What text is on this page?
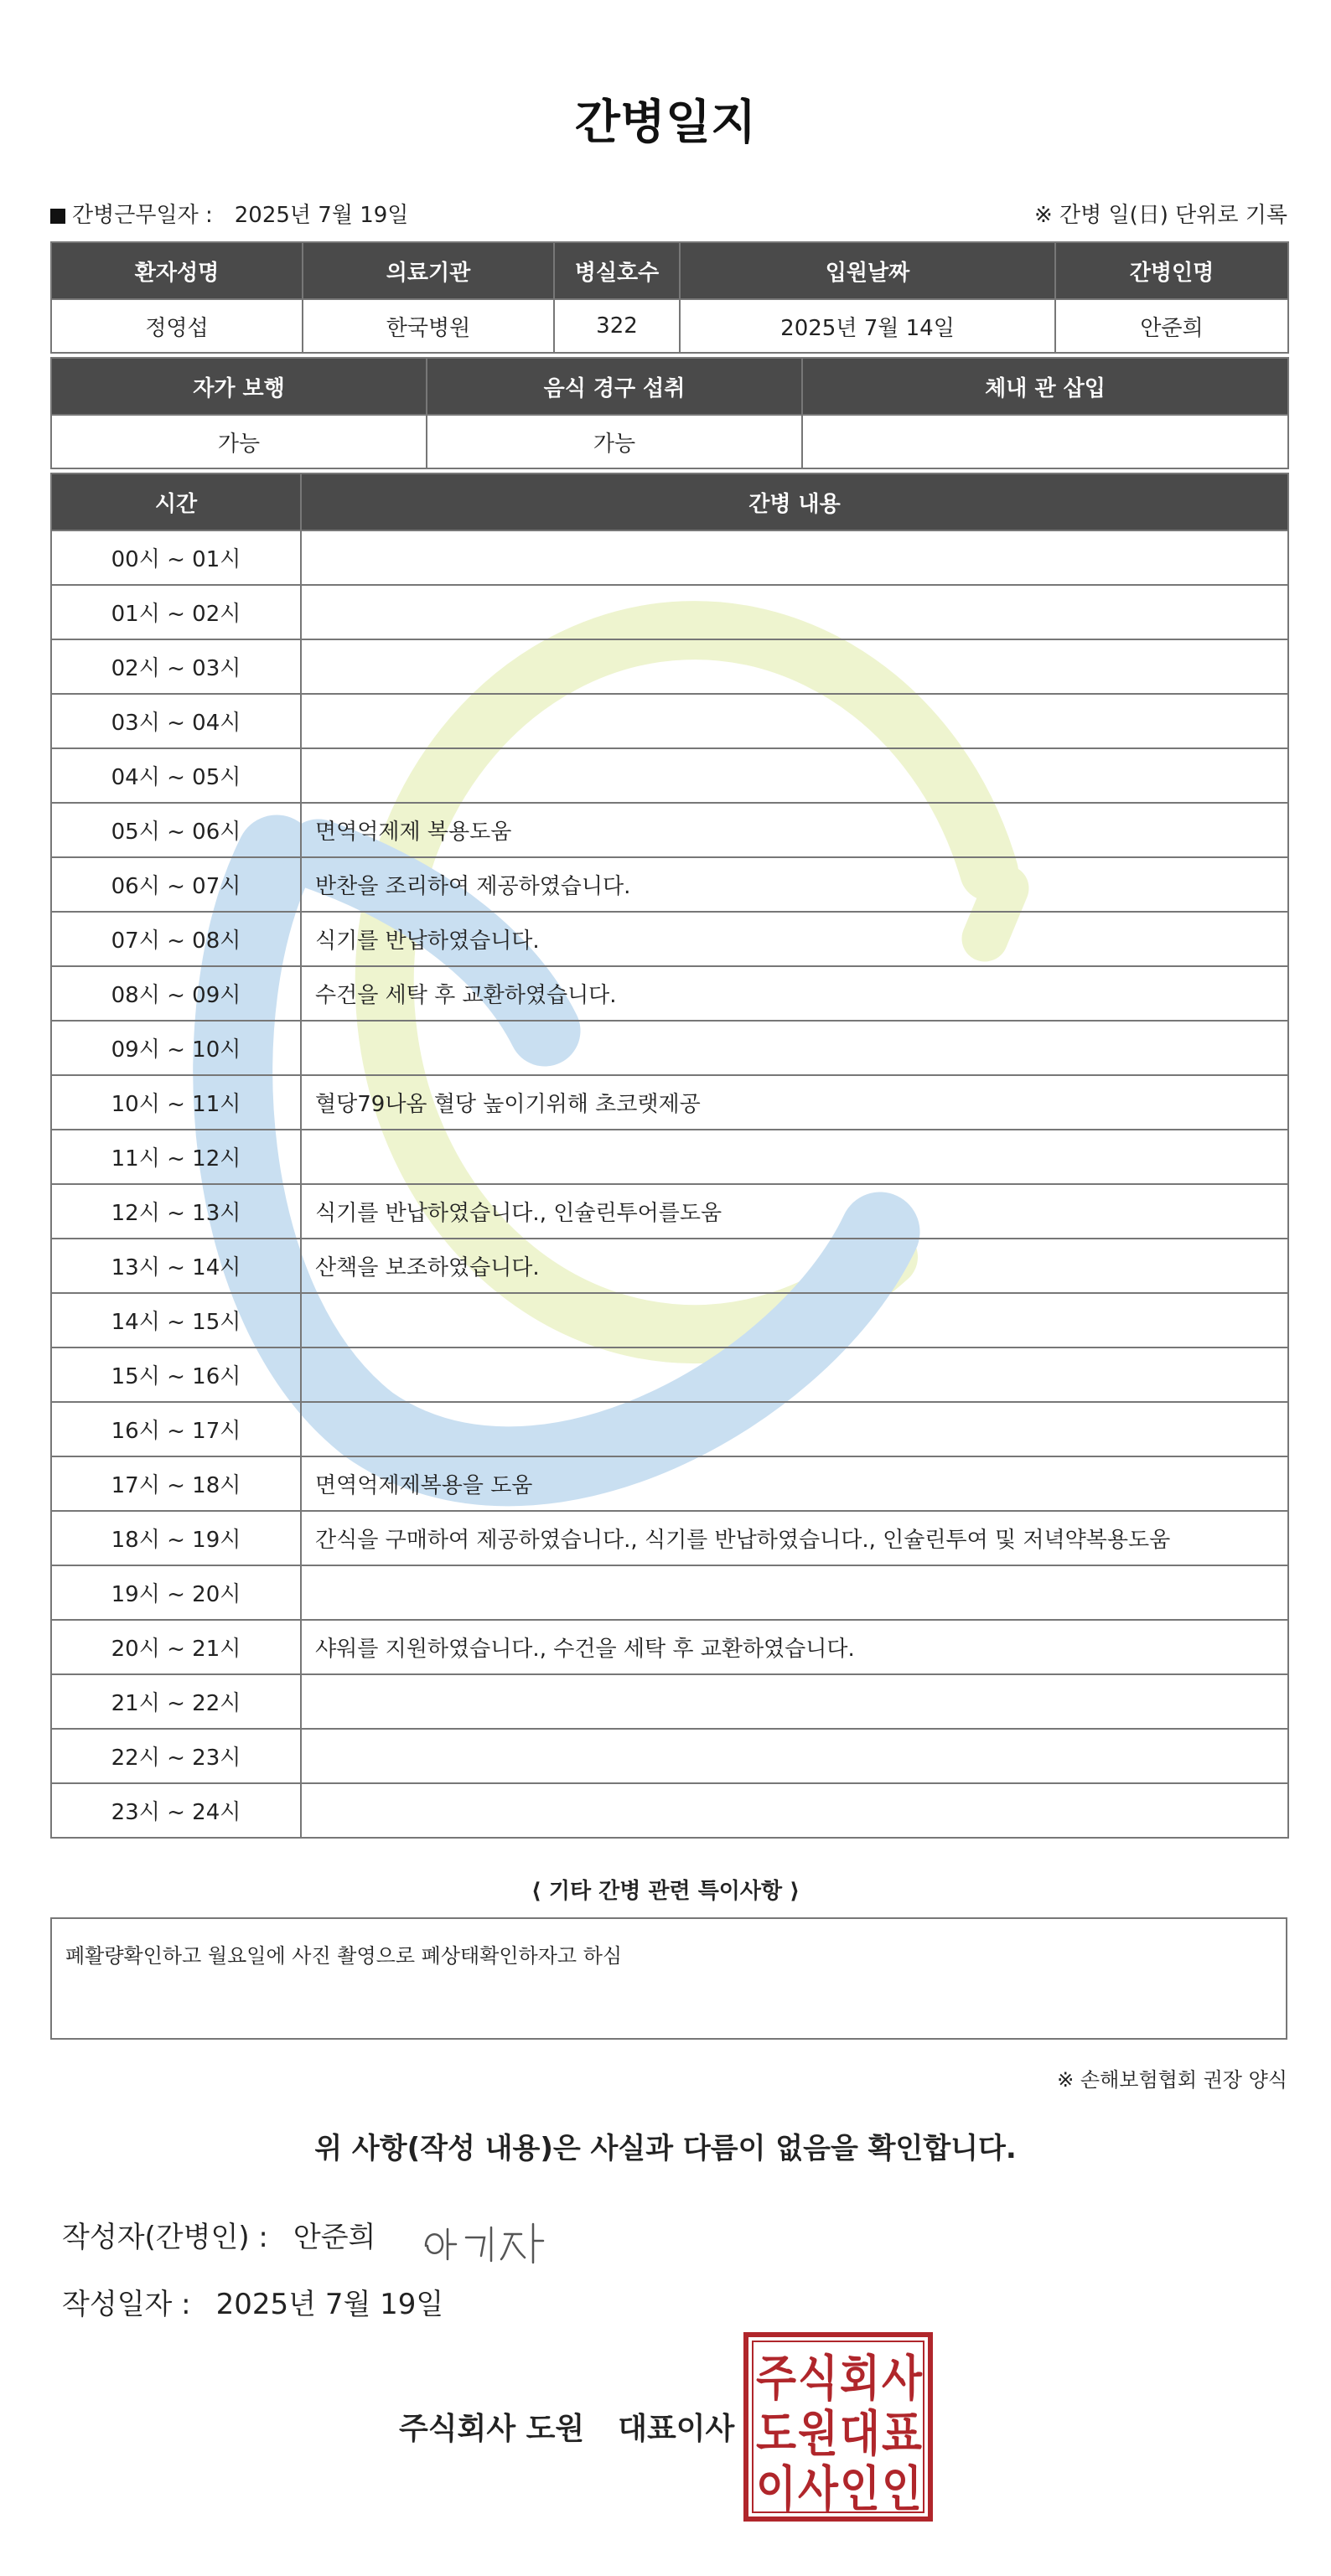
간병일지
간병근무일자 : 2025년 7월 19일	※ 간병 일(日) 단위로 기록
환자성명	의료기관	병실호수	입원날짜	간병인명
정영섭	한국병원	322	2025년 7월 14일	안준희
자가 보행	음식 경구 섭취	체내 관 삽입
가능	가능	
시간	간병 내용
00시 ~ 01시	
01시 ~ 02시	
02시 ~ 03시	
03시 ~ 04시	
04시 ~ 05시	
05시 ~ 06시	면역억제제 복용도움
06시 ~ 07시	반찬을 조리하여 제공하였습니다.
07시 ~ 08시	식기를 반납하였습니다.
08시 ~ 09시	수건을 세탁 후 교환하였습니다.
09시 ~ 10시	
10시 ~ 11시	혈당79나옴 혈당 높이기위해 초코랫제공
11시 ~ 12시	
12시 ~ 13시	식기를 반납하였습니다., 인슐린투어를도움
13시 ~ 14시	산책을 보조하였습니다.
14시 ~ 15시	
15시 ~ 16시	
16시 ~ 17시	
17시 ~ 18시	면역억제제복용을 도움
18시 ~ 19시	간식을 구매하여 제공하였습니다., 식기를 반납하였습니다., 인슐린투여 및 저녁약복용도움
19시 ~ 20시	
20시 ~ 21시	샤워를 지원하였습니다., 수건을 세탁 후 교환하였습니다.
21시 ~ 22시	
22시 ~ 23시	
23시 ~ 24시	
⟨ 기타 간병 관련 특이사항 ⟩
폐활량확인하고 월요일에 사진 촬영으로 폐상태확인하자고 하심
※ 손해보험협회 권장 양식
위 사항(작성 내용)은 사실과 다름이 없음을 확인합니다.
작성자(간병인) : 안준희
작성일자 : 2025년 7월 19일
주식회사 도원 대표이사
주 식 회 사
도 원 대 표
이 사 인 인
